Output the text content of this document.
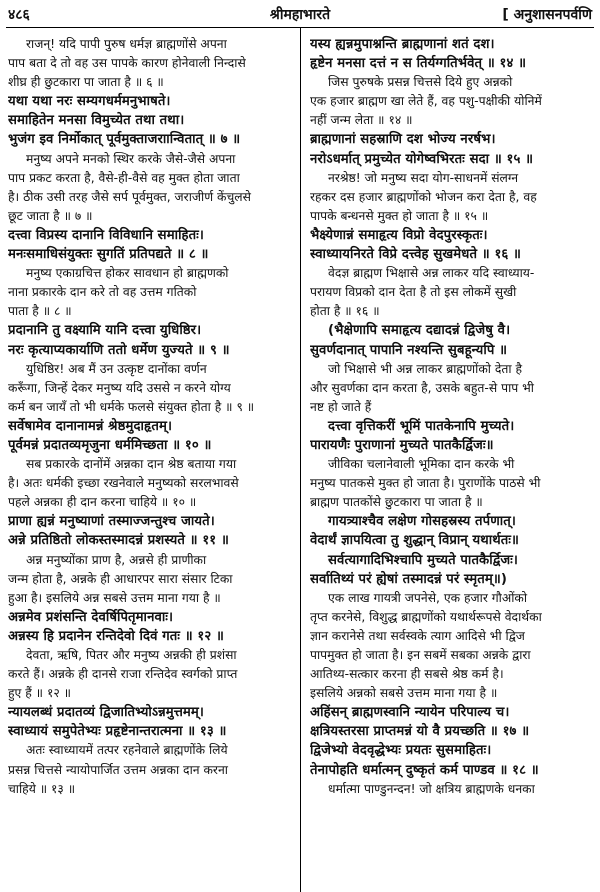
४८६	श्रीमहाभारते	[ अनुशासनपर्वणि
राजन्! यदि पापी पुरुष धर्मज्ञ ब्राह्मणोंसे अपना
पाप बता दे तो वह उस पापके कारण होनेवाली निन्दासे
शीघ्र ही छुटकारा पा जाता है ॥ ६ ॥
यथा यथा नरः सम्यगधर्ममनुभाषते।
समाहितेन मनसा विमुच्येत तथा तथा।
भुजंग इव निर्मोकात् पूर्वमुक्ताजराान्वितात् ॥ ७ ॥
मनुष्य अपने मनको स्थिर करके जैसे-जैसे अपना
पाप प्रकट करता है, वैसे-ही-वैसे वह मुक्त होता जाता
है। ठीक उसी तरह जैसे सर्प पूर्वमुक्त, जराजीर्ण केंचुलसे
छूट जाता है ॥ ७ ॥
दत्त्वा विप्रस्य दानानि विविधानि समाहितः।
मनःसमाधिसंयुक्तः सुगतिं प्रतिपद्यते ॥ ८ ॥
मनुष्य एकाग्रचित्त होकर सावधान हो ब्राह्मणको
नाना प्रकारके दान करे तो वह उत्तम गतिको
पाता है ॥ ८ ॥
प्रदानानि तु वक्ष्यामि यानि दत्त्वा युधिष्ठिर।
नरः कृत्याप्यकार्याणि ततो धर्मेण युज्यते ॥ ९ ॥
युधिष्ठिर! अब मैं उन उत्कृष्ट दानोंका वर्णन
करूँगा, जिन्हें देकर मनुष्य यदि उससे न करने योग्य
कर्म बन जायँ तो भी धर्मके फलसे संयुक्त होता है ॥ ९ ॥
सर्वेषामेव दानानामन्नं श्रेष्ठमुदाहृतम्।
पूर्वमन्नं प्रदातव्यमृजुना धर्ममिच्छता ॥ १० ॥
सब प्रकारके दानोंमें अन्नका दान श्रेष्ठ बताया गया
है। अतः धर्मकी इच्छा रखनेवाले मनुष्यको सरलभावसे
पहले अन्नका ही दान करना चाहिये ॥ १० ॥
प्राणा ह्यन्नं मनुष्याणां तस्माज्जन्तुश्च जायते।
अन्ने प्रतिष्ठितो लोकस्तस्मादन्नं प्रशस्यते ॥ ११ ॥
अन्न मनुष्योंका प्राण है, अन्नसे ही प्राणीका
जन्म होता है, अन्नके ही आधारपर सारा संसार टिका
हुआ है। इसलिये अन्न सबसे उत्तम माना गया है ॥
अन्नमेव प्रशंसन्ति देवर्षिपितृमानवाः।
अन्नस्य हि प्रदानेन रन्तिदेवो दिवं गतः ॥ १२ ॥
देवता, ऋषि, पितर और मनुष्य अन्नकी ही प्रशंसा
करते हैं। अन्नके ही दानसे राजा रन्तिदेव स्वर्गको प्राप्त
हुए हैं ॥ १२ ॥
न्यायलब्धं प्रदातव्यं द्विजातिभ्योऽन्नमुत्तमम्।
स्वाध्यायं समुपेतेभ्यः प्रहृष्टेनान्तरात्मना ॥ १३ ॥
अतः स्वाध्यायमें तत्पर रहनेवाले ब्राह्मणोंके लिये
प्रसन्न चित्तसे न्यायोपार्जित उत्तम अन्नका दान करना
चाहिये ॥ १३ ॥
यस्य ह्यन्नमुपाश्नन्ति ब्राह्मणानां शतं दश।
हृष्टेन मनसा दत्तं न स तिर्यग्गतिर्भवेत् ॥ १४ ॥
जिस पुरुषके प्रसन्न चित्तसे दिये हुए अन्नको
एक हजार ब्राह्मण खा लेते हैं, वह पशु-पक्षीकी योनिमें
नहीं जन्म लेता ॥ १४ ॥
ब्राह्मणानां सहस्राणि दश भोज्य नरर्षभ।
नरोऽधर्मात् प्रमुच्येत योगेष्वभिरतः सदा ॥ १५ ॥
नरश्रेष्ठ! जो मनुष्य सदा योग-साधनमें संलग्न
रहकर दस हजार ब्राह्मणोंको भोजन करा देता है, वह
पापके बन्धनसे मुक्त हो जाता है ॥ १५ ॥
भैक्ष्येणान्नं समाहृत्य विप्रो वेदपुरस्कृतः।
स्वाध्यायनिरते विप्रे दत्त्वेह सुखमेधते ॥ १६ ॥
वेदज्ञ ब्राह्मण भिक्षासे अन्न लाकर यदि स्वाध्याय-
परायण विप्रको दान देता है तो इस लोकमें सुखी
होता है ॥ १६ ॥
(भैक्षेणापि समाहृत्य दद्यादन्नं द्विजेषु वै।
सुवर्णदानात् पापानि नश्यन्ति सुबहून्यपि ॥
जो भिक्षासे भी अन्न लाकर ब्राह्मणोंको देता है
और सुवर्णका दान करता है, उसके बहुत-से पाप भी
नष्ट हो जाते हैं
दत्त्वा वृत्तिकरीं भूमिं पातकेनापि मुच्यते।
पारायणैः पुराणानां मुच्यते पातकैर्द्विजः॥
जीविका चलानेवाली भूमिका दान करके भी
मनुष्य पातकसे मुक्त हो जाता है। पुराणोंके पाठसे भी
ब्राह्मण पातकोंसे छुटकारा पा जाता है ॥
गायत्र्याश्चैव लक्षेण गोसहस्रस्य तर्पणात्।
वेदार्थं ज्ञापयित्वा तु शुद्धान् विप्रान् यथार्थतः॥
सर्वत्यागादिभिश्चापि मुच्यते पातकैर्द्विजः।
सर्वातिथ्यं परं ह्येषां तस्मादन्नं परं स्मृतम्॥)
एक लाख गायत्री जपनेसे, एक हजार गौओंको
तृप्त करनेसे, विशुद्ध ब्राह्मणोंको यथार्थरूपसे वेदार्थका
ज्ञान करानेसे तथा सर्वस्वके त्याग आदिसे भी द्विज
पापमुक्त हो जाता है। इन सबमें सबका अन्नके द्वारा
आतिथ्य-सत्कार करना ही सबसे श्रेष्ठ कर्म है।
इसलिये अन्नको सबसे उत्तम माना गया है ॥
अहिंसन् ब्राह्मणस्वानि न्यायेन परिपाल्य च।
क्षत्रियस्तरसा प्राप्तमन्नं यो वै प्रयच्छति ॥ १७ ॥
द्विजेभ्यो वेदवृद्धेभ्यः प्रयतः सुसमाहितः।
तेनापोहति धर्मात्मन् दुष्कृतं कर्म पाण्डव ॥ १८ ॥
धर्मात्मा पाण्डुनन्दन! जो क्षत्रिय ब्राह्मणके धनका
